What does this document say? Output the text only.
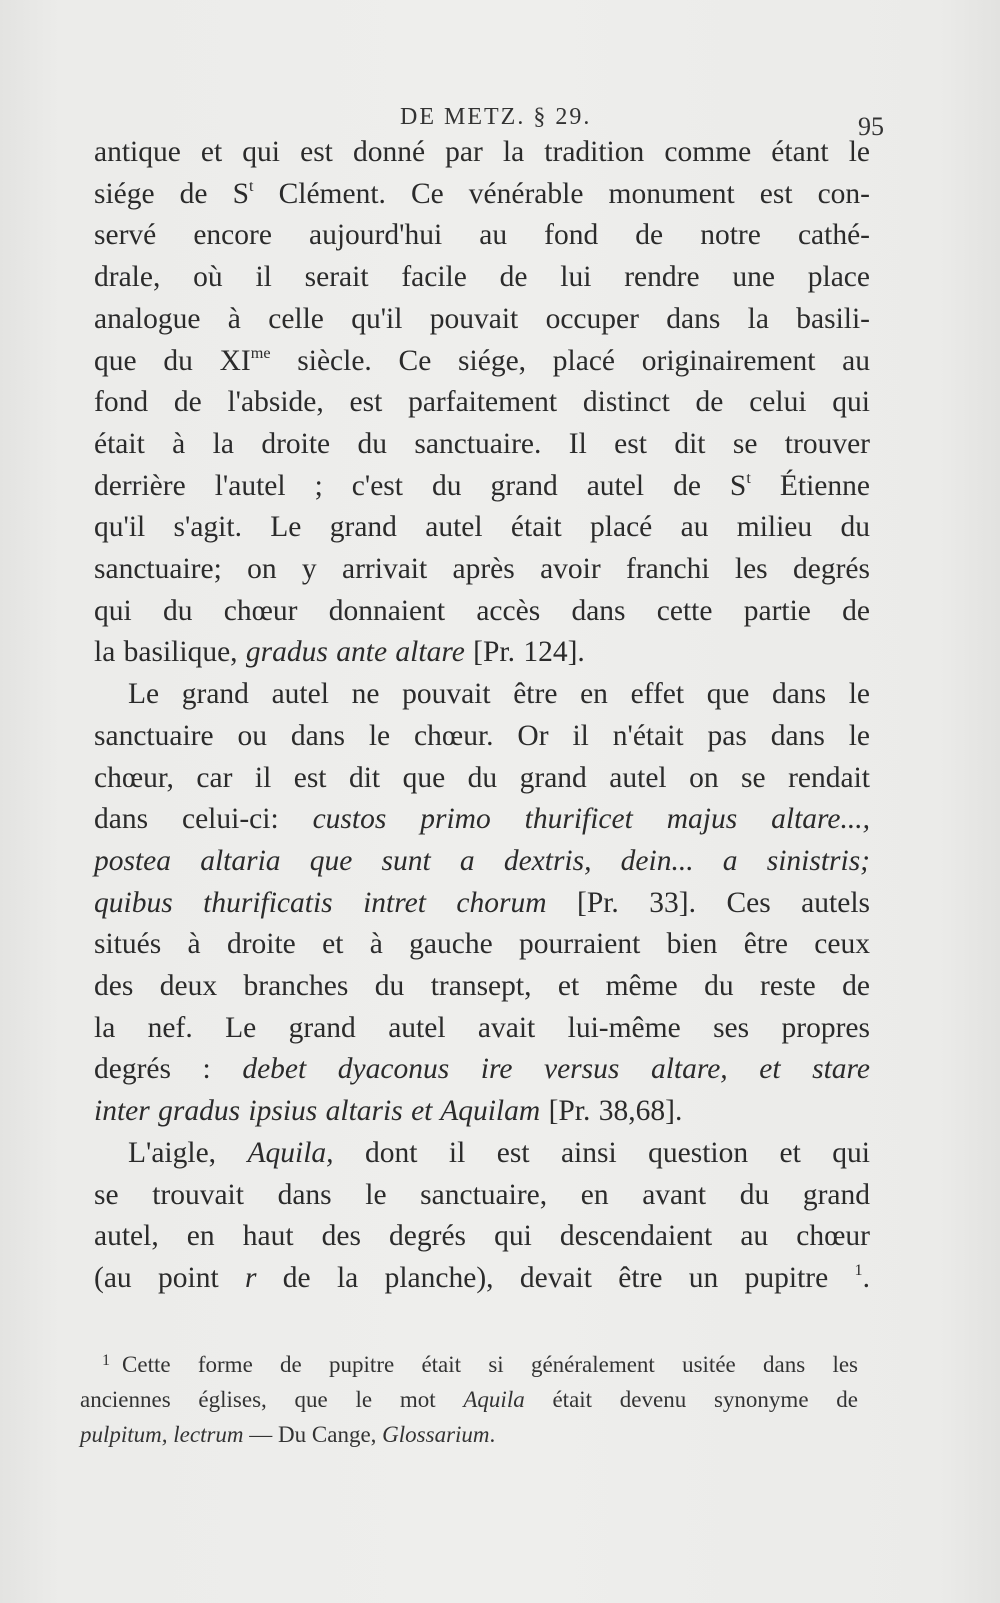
DE METZ. § 29.	95

antique et qui est donné par la tradition comme étant le
siége de $S^t$ Clément. Ce vénérable monument est con-
servé encore aujourd'hui au fond de notre cathé-
drale, où il serait facile de lui rendre une place
analogue à celle qu'il pouvait occuper dans la basili-
que du $XI^{me}$ siècle. Ce siége, placé originairement au
fond de l'abside, est parfaitement distinct de celui qui
était à la droite du sanctuaire. Il est dit se trouver
derrière l'autel ; c'est du grand autel de $S^t$ Étienne
qu'il s'agit. Le grand autel était placé au milieu du
sanctuaire; on y arrivait après avoir franchi les degrés
qui du chœur donnaient accès dans cette partie de
la basilique, gradus ante altare [Pr. 124].

Le grand autel ne pouvait être en effet que dans le
sanctuaire ou dans le chœur. Or il n'était pas dans le
chœur, car il est dit que du grand autel on se rendait
dans celui-ci: custos primo thurificet majus altare...,
postea altaria que sunt a dextris, dein... a sinistris;
quibus thurificatis intret chorum [Pr. 33]. Ces autels
situés à droite et à gauche pourraient bien être ceux
des deux branches du transept, et même du reste de
la nef. Le grand autel avait lui-même ses propres
degrés : debet dyaconus ire versus altare, et stare
inter gradus ipsius altaris et Aquilam [Pr. 38,68].

L'aigle, Aquila, dont il est ainsi question et qui
se trouvait dans le sanctuaire, en avant du grand
autel, en haut des degrés qui descendaient au chœur
(au point r de la planche), devait être un pupitre $^1$.

$^1$ Cette forme de pupitre était si généralement usitée dans les
anciennes églises, que le mot Aquila était devenu synonyme de
pulpitum, lectrum — Du Cange, Glossarium.
